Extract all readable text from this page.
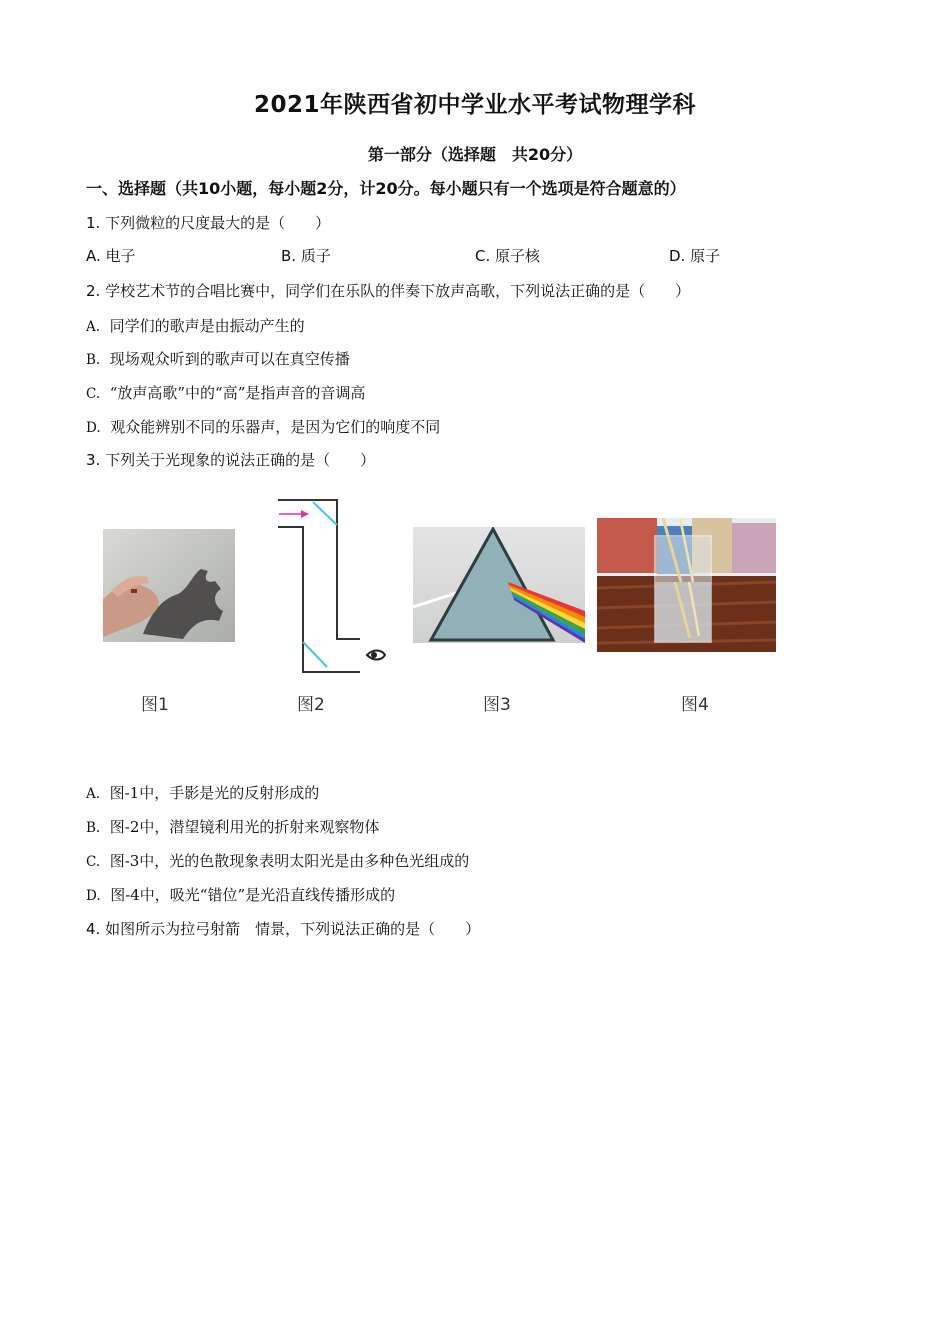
2021年陕西省初中学业水平考试物理学科
第一部分（选择题　共20分）
一、选择题（共10小题，每小题2分，计20分。每小题只有一个选项是符合题意的）
1. 下列微粒的尺度最大的是（　　）
A. 电子	B. 质子	C. 原子核	D. 原子
2. 学校艺术节的合唱比赛中，同学们在乐队的伴奏下放声高歌，下列说法正确的是（　　）
A. 同学们的歌声是由振动产生的
B. 现场观众听到的歌声可以在真空传播
C. “放声高歌”中的“高”是指声音的音调高
D. 观众能辨别不同的乐器声，是因为它们的响度不同
3. 下列关于光现象的说法正确的是（　　）
图1	图2	图3	图4
A. 图-1中，手影是光的反射形成的
B. 图-2中，潜望镜利用光的折射来观察物体
C. 图-3中，光的色散现象表明太阳光是由多种色光组成的
D. 图-4中，吸光“错位”是光沿直线传播形成的
4. 如图所示为拉弓射箭　情景，下列说法正确的是（　　）
